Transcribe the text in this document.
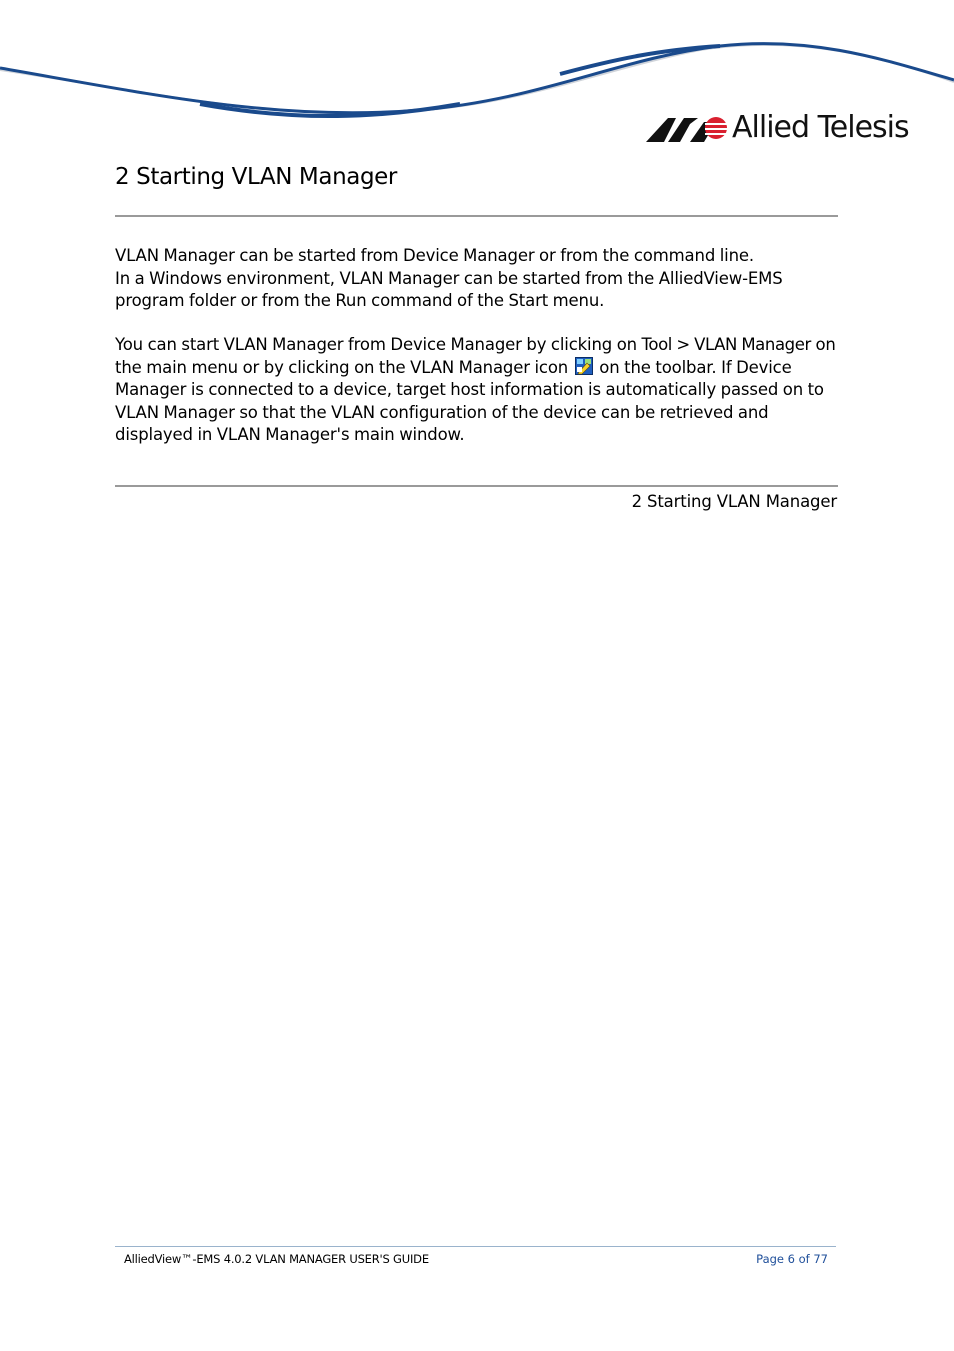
Allied Telesis
2 Starting VLAN Manager

VLAN Manager can be started from Device Manager or from the command line.
In a Windows environment, VLAN Manager can be started from the AlliedView-EMS program folder or from the Run command of the Start menu.

You can start VLAN Manager from Device Manager by clicking on Tool > VLAN Manager on the main menu or by clicking on the VLAN Manager icon  on the toolbar. If Device Manager is connected to a device, target host information is automatically passed on to VLAN Manager so that the VLAN configuration of the device can be retrieved and displayed in VLAN Manager's main window.

2 Starting VLAN Manager
AlliedView™-EMS 4.0.2 VLAN MANAGER USER'S GUIDE	Page 6 of 77
